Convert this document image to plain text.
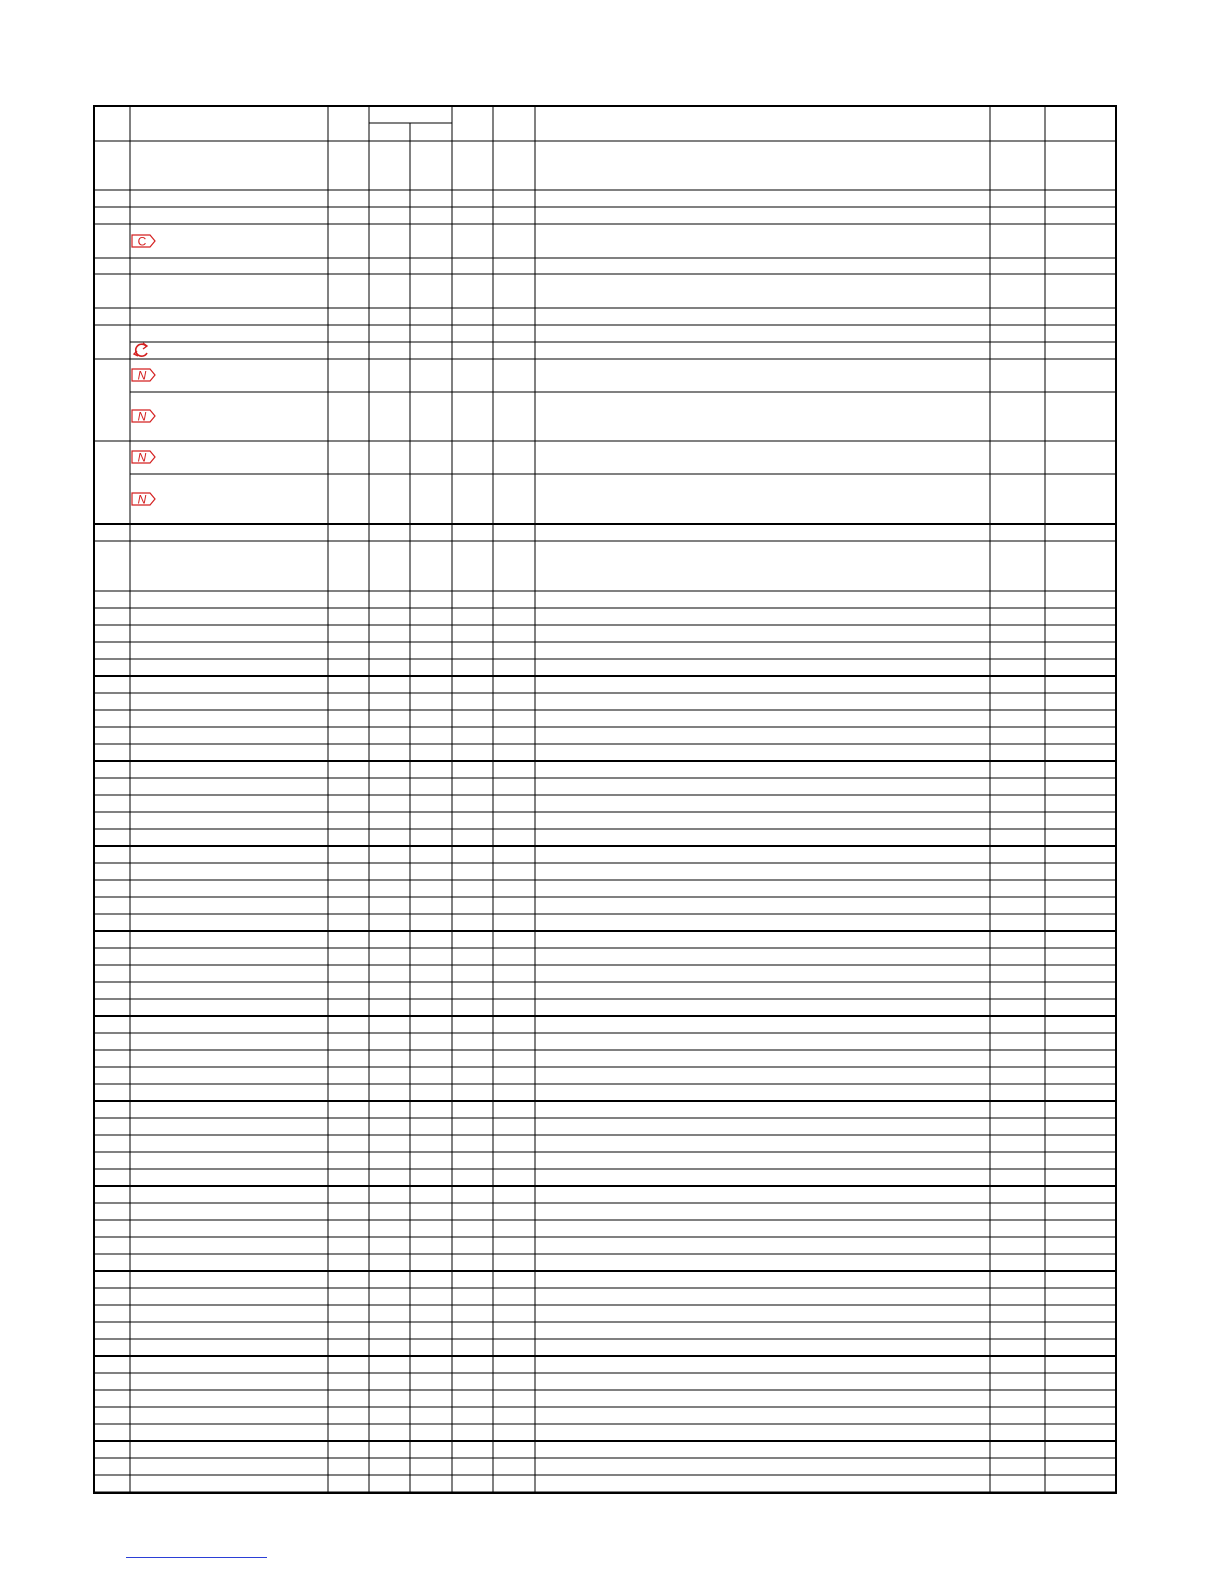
C
N
N
N
N
